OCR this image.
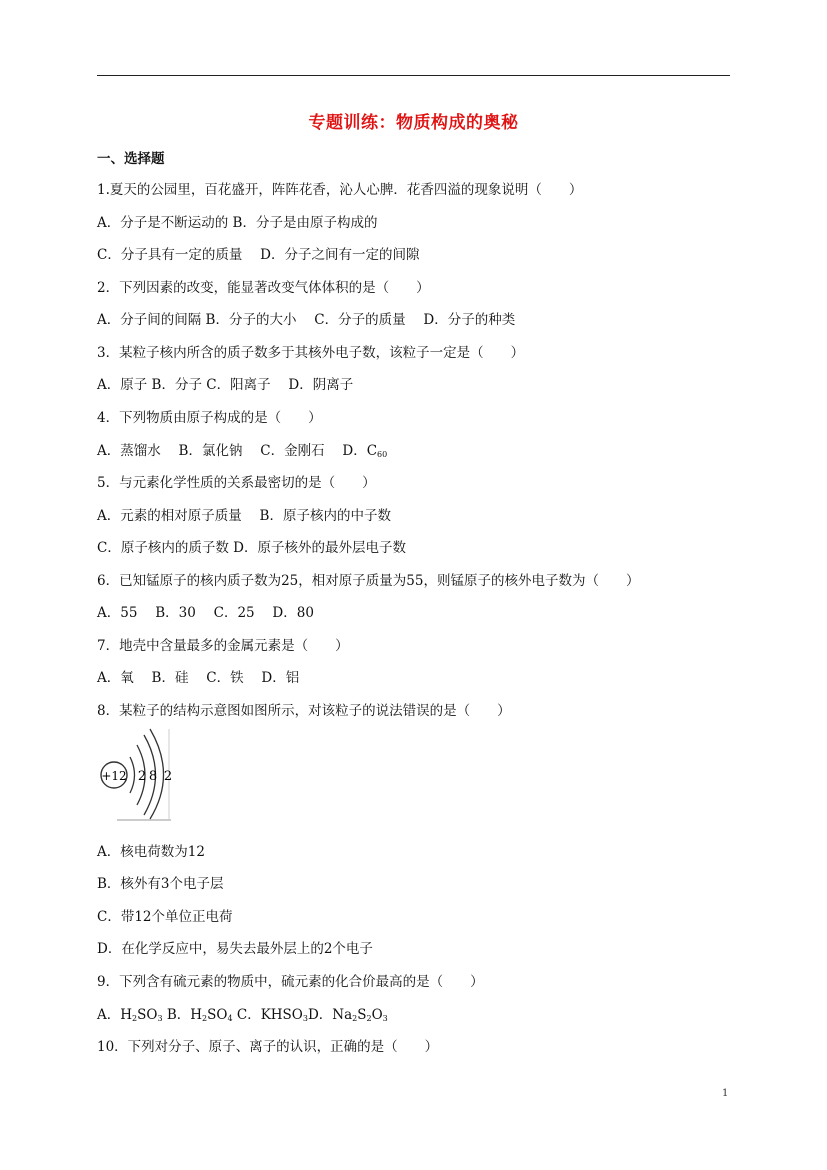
专题训练：物质构成的奥秘
一、选择题
1.夏天的公园里，百花盛开，阵阵花香，沁人心脾．花香四溢的现象说明（　　）
A．分子是不断运动的 B．分子是由原子构成的
C．分子具有一定的质量　 D．分子之间有一定的间隙
2．下列因素的改变，能显著改变气体体积的是（　　）
A．分子间的间隔 B．分子的大小　 C．分子的质量　 D．分子的种类
3．某粒子核内所含的质子数多于其核外电子数，该粒子一定是（　　）
A．原子 B．分子 C．阳离子　 D．阴离子
4．下列物质由原子构成的是（　　）
A．蒸馏水　 B．氯化钠　 C．金刚石　 D．$C_{60}$
5．与元素化学性质的关系最密切的是（　　）
A．元素的相对原子质量　 B．原子核内的中子数
C．原子核内的质子数 D．原子核外的最外层电子数
6．已知锰原子的核内质子数为25，相对原子质量为55，则锰原子的核外电子数为（　　）
A．55　 B．30　 C．25　 D．80
7．地壳中含量最多的金属元素是（　　）
A．氧　 B．硅　 C．铁　 D．铝
8．某粒子的结构示意图如图所示，对该粒子的说法错误的是（　　）
+12 2 8 2
A．核电荷数为12
B．核外有3个电子层
C．带12个单位正电荷
D．在化学反应中，易失去最外层上的2个电子
9．下列含有硫元素的物质中，硫元素的化合价最高的是（　　）
A．$H_2SO_3$ B．$H_2SO_4$ C．$KHSO_3D$．$Na_2S_2O_3$
10．下列对分子、原子、离子的认识，正确的是（　　）
1
